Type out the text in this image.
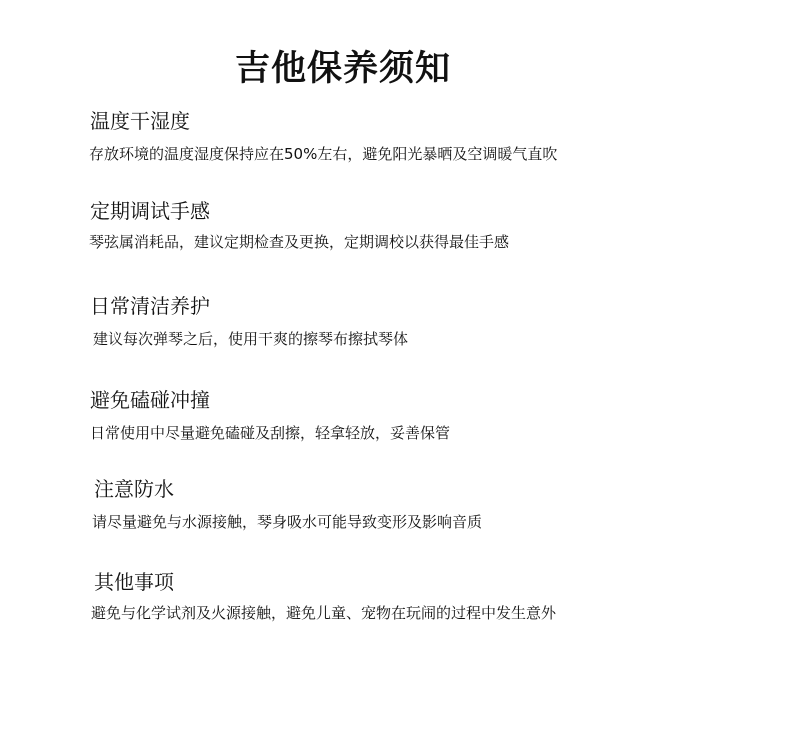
吉他保养须知
温度干湿度
存放环境的温度湿度保持应在50%左右，避免阳光暴晒及空调暖气直吹
定期调试手感
琴弦属消耗品，建议定期检查及更换，定期调校以获得最佳手感
日常清洁养护
建议每次弹琴之后，使用干爽的擦琴布擦拭琴体
避免磕碰冲撞
日常使用中尽量避免磕碰及刮擦，轻拿轻放，妥善保管
注意防水
请尽量避免与水源接触，琴身吸水可能导致变形及影响音质
其他事项
避免与化学试剂及火源接触，避免儿童、宠物在玩闹的过程中发生意外
